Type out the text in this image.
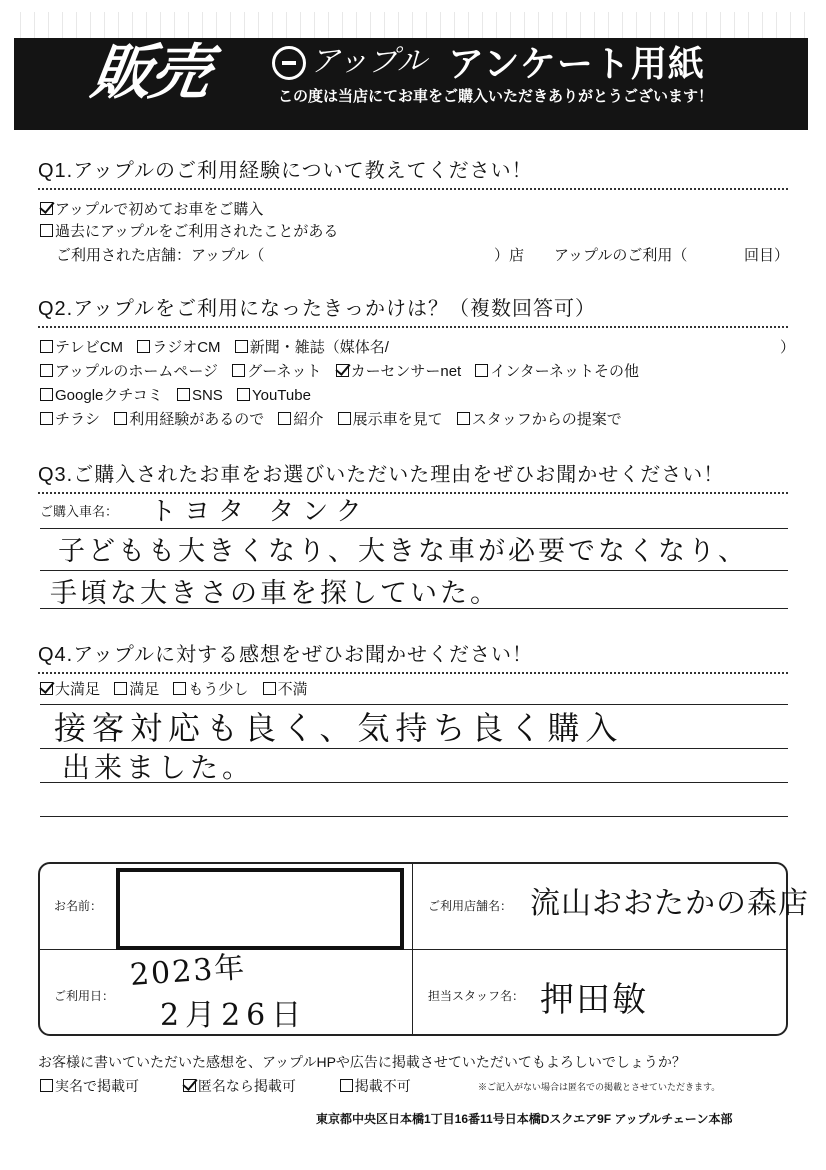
販売	アップル アンケート用紙
この度は当店にてお車をご購入いただきありがとうございます！
Q1.アップルのご利用経験について教えてください！
アップルで初めてお車をご購入
過去にアップルをご利用されたことがある
ご利用された店舗：アップル（	）店 アップルのご利用（	回目）
Q2.アップルをご利用になったきっかけは？（複数回答可）
テレビCM ラジオCM 新聞・雑誌（媒体名/	）
アップルのホームページ グーネット カーセンサーnet インターネットその他
Googleクチコミ SNS YouTube
チラシ 利用経験があるので 紹介 展示車を見て スタッフからの提案で
Q3.ご購入されたお車をお選びいただいた理由をぜひお聞かせください！
ご購入車名： トヨタ タンク
子どもも大きくなり、大きな車が必要でなくなり、
手頃な大きさの車を探していた。
Q4.アップルに対する感想をぜひお聞かせください！
大満足 満足 もう少し 不満
接客対応も良く、気持ち良く購入
出来ました。
お名前：	ご利用店舗名： 流山おおたかの森店
ご利用日：
2023年
2月26日
担当スタッフ名： 押田敏
お客様に書いていただいた感想を、アップルHPや広告に掲載させていただいてもよろしいでしょうか？
実名で掲載可	匿名なら掲載可	掲載不可	※ご記入がない場合は匿名での掲載とさせていただきます。
東京都中央区日本橋1丁目16番11号日本橋Dスクエア9F アップルチェーン本部
